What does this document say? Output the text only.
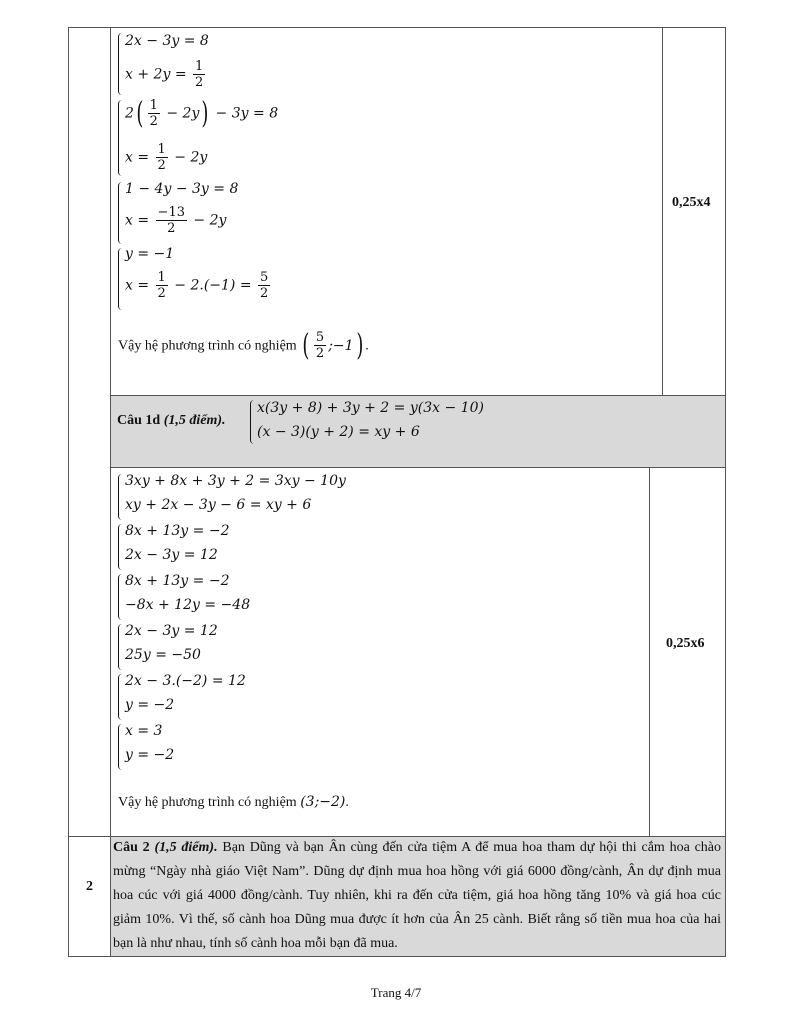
2x − 3y = 8
$x + 2y = \frac{1}{2}$
$2( \frac{1}{2} - 2y) - 3y = 8$
$x = \frac{1}{2} - 2y$
1 − 4y − 3y = 8
$x = \frac{-13}{2} - 2y$
y = −1
$x = \frac{1}{2} - 2.(-1) = \frac{5}{2}$
Vậy hệ phương trình có nghiệm ( $\frac{5}{2}$ ;−1) .
0,25x4
Câu 1d (1,5 điểm).
x(3y + 8) + 3y + 2 = y(3x − 10)
(x − 3)(y + 2) = xy + 6
3xy + 8x + 3y + 2 = 3xy − 10y
xy + 2x − 3y − 6 = xy + 6
8x + 13y = −2
2x − 3y = 12
8x + 13y = −2
−8x + 12y = −48
2x − 3y = 12
25y = −50
2x − 3.(−2) = 12
y = −2
x = 3
y = −2
Vậy hệ phương trình có nghiệm (3;−2).
0,25x6
2
Câu 2 (1,5 điểm). Bạn Dũng và bạn Ân cùng đến cửa tiệm A để mua hoa tham dự hội thi cắm hoa chào mừng “Ngày nhà giáo Việt Nam”. Dũng dự định mua hoa hồng với giá 6000 đồng/cành, Ân dự định mua hoa cúc với giá 4000 đồng/cành. Tuy nhiên, khi ra đến cửa tiệm, giá hoa hồng tăng 10% và giá hoa cúc giảm 10%. Vì thế, số cành hoa Dũng mua được ít hơn của Ân 25 cành. Biết rằng số tiền mua hoa của hai bạn là như nhau, tính số cành hoa mỗi bạn đã mua.
Trang 4/7
